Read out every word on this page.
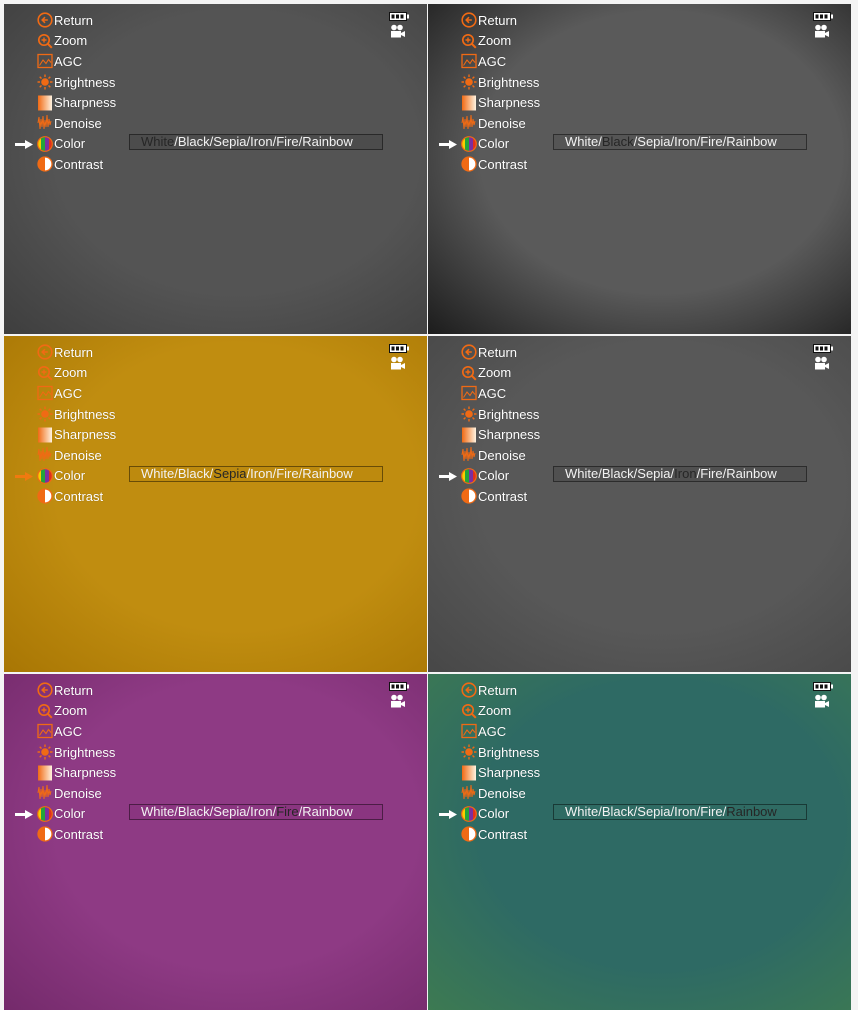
Return
Zoom
AGC
Brightness
Sharpness
Denoise
Color
Contrast
White/Black/Sepia/Iron/Fire/Rainbow
Return
Zoom
AGC
Brightness
Sharpness
Denoise
Color
Contrast
White/Black/Sepia/Iron/Fire/Rainbow
Return
Zoom
AGC
Brightness
Sharpness
Denoise
Color
Contrast
White/Black/Sepia/Iron/Fire/Rainbow
Return
Zoom
AGC
Brightness
Sharpness
Denoise
Color
Contrast
White/Black/Sepia/Iron/Fire/Rainbow
Return
Zoom
AGC
Brightness
Sharpness
Denoise
Color
Contrast
White/Black/Sepia/Iron/Fire/Rainbow
Return
Zoom
AGC
Brightness
Sharpness
Denoise
Color
Contrast
White/Black/Sepia/Iron/Fire/Rainbow
